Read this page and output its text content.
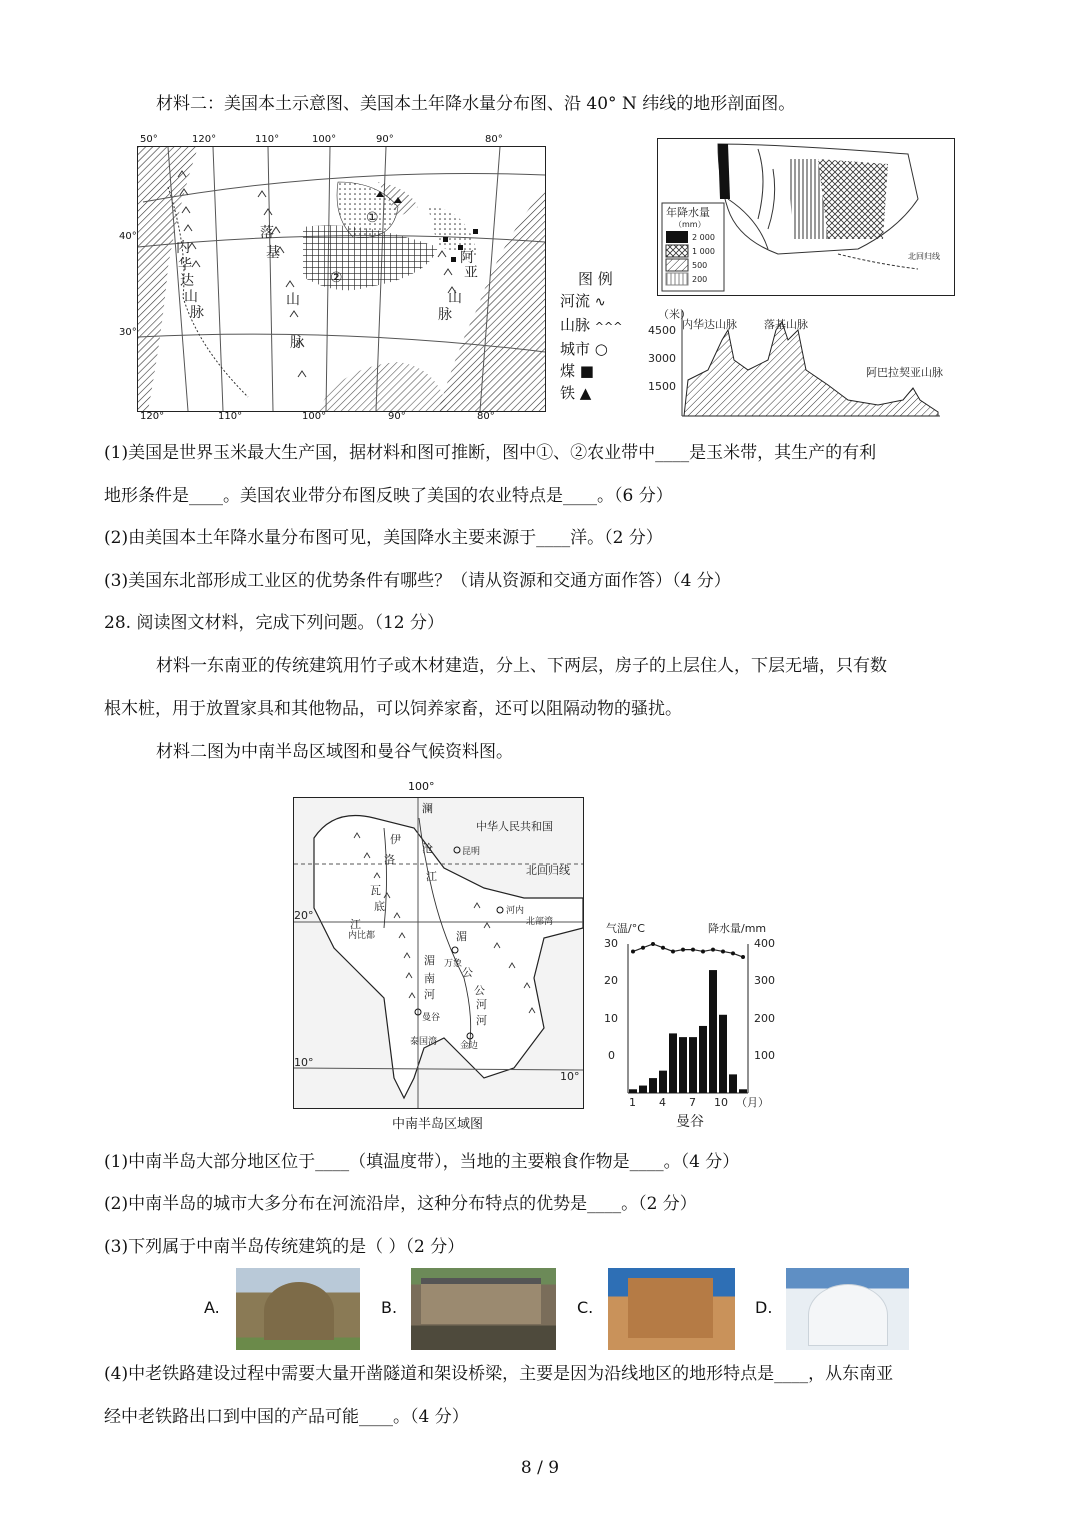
材料二：美国本土示意图、美国本土年降水量分布图、沿 40° N 纬线的地形剖面图。
①
②
内
华
达
山
脉
落
基
山
脉
阿
亚
山
脉
50°	120°	110°	100°	90°	80°
120°	110°	100°	90°	80°
40°
30°
图 例
河流 ∿
山脉 ^^^
城市 ○
煤 ■
铁 ▲
年降水量
（mm）
2 000
1 000
500
200
北回归线
（米）
4500
3000
1500
内华达山脉 落基山脉
阿巴拉契亚山脉
(1)美国是世界玉米最大生产国，据材料和图可推断，图中①、②农业带中____是玉米带，其生产的有利
地形条件是____。美国农业带分布图反映了美国的农业特点是____。（6 分）
(2)由美国本土年降水量分布图可见，美国降水主要来源于____洋。（2 分）
(3)美国东北部形成工业区的优势条件有哪些？（请从资源和交通方面作答）（4 分）
28. 阅读图文材料，完成下列问题。（12 分）
材料一东南亚的传统建筑用竹子或木材建造，分上、下两层，房子的上层住人，下层无墙，只有数
根木桩，用于放置家具和其他物品，可以饲养家畜，还可以阻隔动物的骚扰。
材料二图为中南半岛区域图和曼谷气候资料图。
中华人民共和国
北回归线
昆明
河内
北部湾
内比都
万象
曼谷
金边
泰国湾
伊
洛
瓦
底
江
澜
沧
江
湄
南
河	公
河
湄
公
河
20°
10°
10°
100°
中南半岛区域图
气温/°C	降水量/mm
30
20
10
0
400
300
200
100
1 4 7 10 （月）
曼谷
(1)中南半岛大部分地区位于____（填温度带），当地的主要粮食作物是____。（4 分）
(2)中南半岛的城市大多分布在河流沿岸，这种分布特点的优势是____。（2 分）
(3)下列属于中南半岛传统建筑的是（ ）（2 分）
A.	B.	C.	D.
(4)中老铁路建设过程中需要大量开凿隧道和架设桥梁，主要是因为沿线地区的地形特点是____，从东南亚
经中老铁路出口到中国的产品可能____。（4 分）
8 / 9
